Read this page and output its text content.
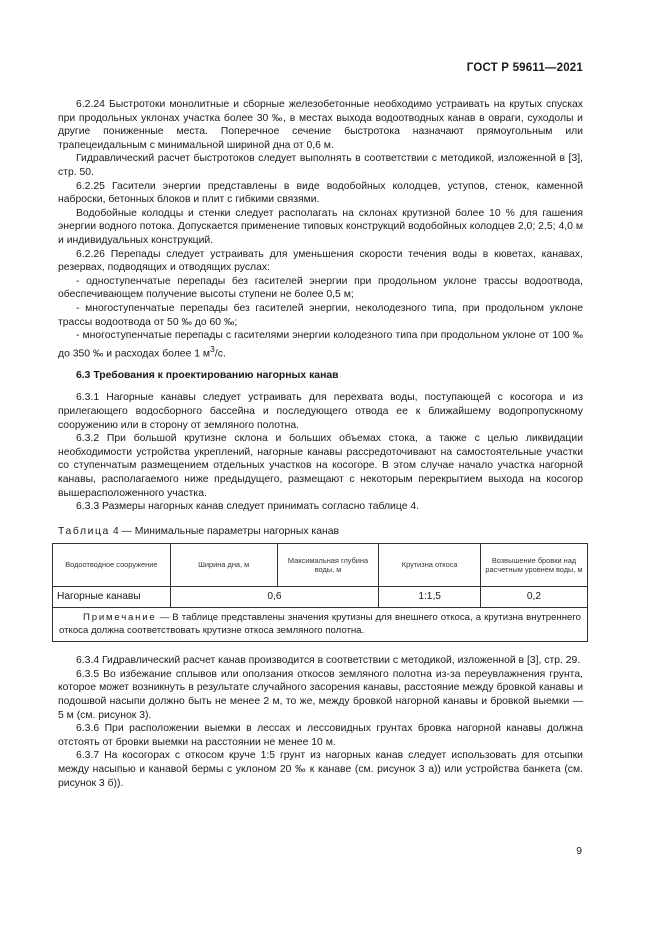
ГОСТ Р 59611—2021

6.2.24 Быстротоки монолитные и сборные железобетонные необходимо устраивать на крутых спусках при продольных уклонах участка более 30 ‰, в местах выхода водоотводных канав в овраги, суходолы и другие пониженные места. Поперечное сечение быстротока назначают прямоугольным или трапецеидальным с минимальной шириной дна от 0,6 м.

Гидравлический расчет быстротоков следует выполнять в соответствии с методикой, изложенной в [3], стр. 50.

6.2.25 Гасители энергии представлены в виде водобойных колодцев, уступов, стенок, каменной наброски, бетонных блоков и плит с гибкими связями.

Водобойные колодцы и стенки следует располагать на склонах крутизной более 10 % для гашения энергии водного потока. Допускается применение типовых конструкций водобойных колодцев 2,0; 2,5; 4,0 м и индивидуальных конструкций.

6.2.26 Перепады следует устраивать для уменьшения скорости течения воды в кюветах, канавах, резервах, подводящих и отводящих руслах:

- одноступенчатые перепады без гасителей энергии при продольном уклоне трассы водоотвода, обеспечивающем получение высоты ступени не более 0,5 м;

- многоступенчатые перепады без гасителей энергии, неколодезного типа, при продольном уклоне трассы водоотвода от 50 ‰ до 60 ‰;

- многоступенчатые перепады с гасителями энергии колодезного типа при продольном уклоне от 100 ‰ до 350 ‰ и расходах более 1 $м^3/с$.

6.3 Требования к проектированию нагорных канав

6.3.1 Нагорные канавы следует устраивать для перехвата воды, поступающей с косогора и из прилегающего водосборного бассейна и последующего отвода ее к ближайшему водопропускному сооружению или в сторону от земляного полотна.

6.3.2 При большой крутизне склона и больших объемах стока, а также с целью ликвидации необходимости устройства укреплений, нагорные канавы рассредоточивают на самостоятельные участки со ступенчатым размещением отдельных участков на косогоре. В этом случае начало участка нагорной канавы, располагаемого ниже предыдущего, размещают с некоторым перекрытием выхода на косогор вышерасположенного участка.

6.3.3 Размеры нагорных канав следует принимать согласно таблице 4.

Таблица 4 — Минимальные параметры нагорных канав

Водоотводное сооружение	Ширина дна, м	Максимальная глубина воды, м	Крутизна откоса	Возвышение бровки над расчетным уровнем воды, м
Нагорные канавы	0,6		1:1,5	0,2
Примечание — В таблице представлены значения крутизны для внешнего откоса, а крутизна внутреннего откоса должна соответствовать крутизне откоса земляного полотна.				

6.3.4 Гидравлический расчет канав производится в соответствии с методикой, изложенной в [3], стр. 29.

6.3.5 Во избежание сплывов или оползания откосов земляного полотна из-за переувлажнения грунта, которое может возникнуть в результате случайного засорения канавы, расстояние между бровкой канавы и подошвой насыпи должно быть не менее 2 м, то же, между бровкой нагорной канавы и бровкой выемки — 5 м (см. рисунок 3).

6.3.6 При расположении выемки в лессах и лессовидных грунтах бровка нагорной канавы должна отстоять от бровки выемки на расстоянии не менее 10 м.

6.3.7 На косогорах с откосом круче 1:5 грунт из нагорных канав следует использовать для отсыпки между насыпью и канавой бермы с уклоном 20 ‰ к канаве (см. рисунок 3 а)) или устройства банкета (см. рисунок 3 б)).

9
